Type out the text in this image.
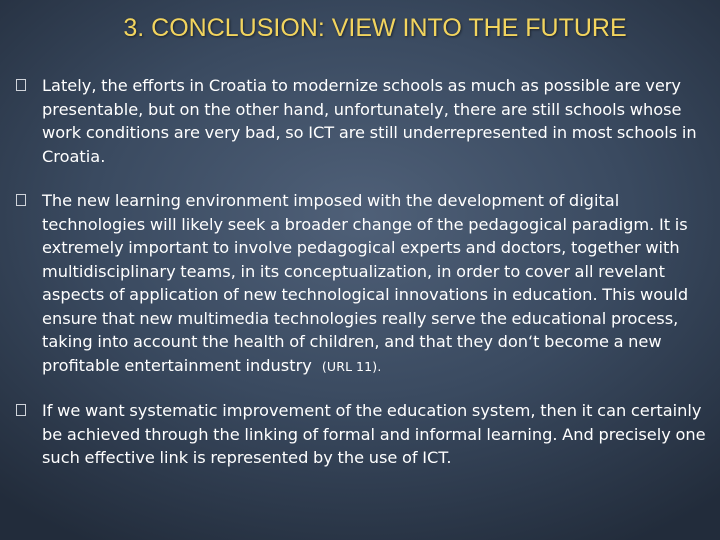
3. CONCLUSION: VIEW INTO THE FUTURE
Lately, the efforts in Croatia to modernize schools as much as possible are very presentable, but on the other hand, unfortunately, there are still schools whose work conditions are very bad, so ICT are still underrepresented in most schools in Croatia.
The new learning environment imposed with the development of digital technologies will likely seek a broader change of the pedagogical paradigm. It is extremely important to involve pedagogical experts and doctors, together with multidisciplinary teams, in its conceptualization, in order to cover all revelant aspects of application of new technological innovations in education. This would ensure that new multimedia technologies really serve the educational process, taking into account the health of children, and that they don‘t become a new profitable entertainment industry (URL 11).
If we want systematic improvement of the education system, then it can certainly be achieved through the linking of formal and informal learning. And precisely one such effective link is represented by the use of ICT.
